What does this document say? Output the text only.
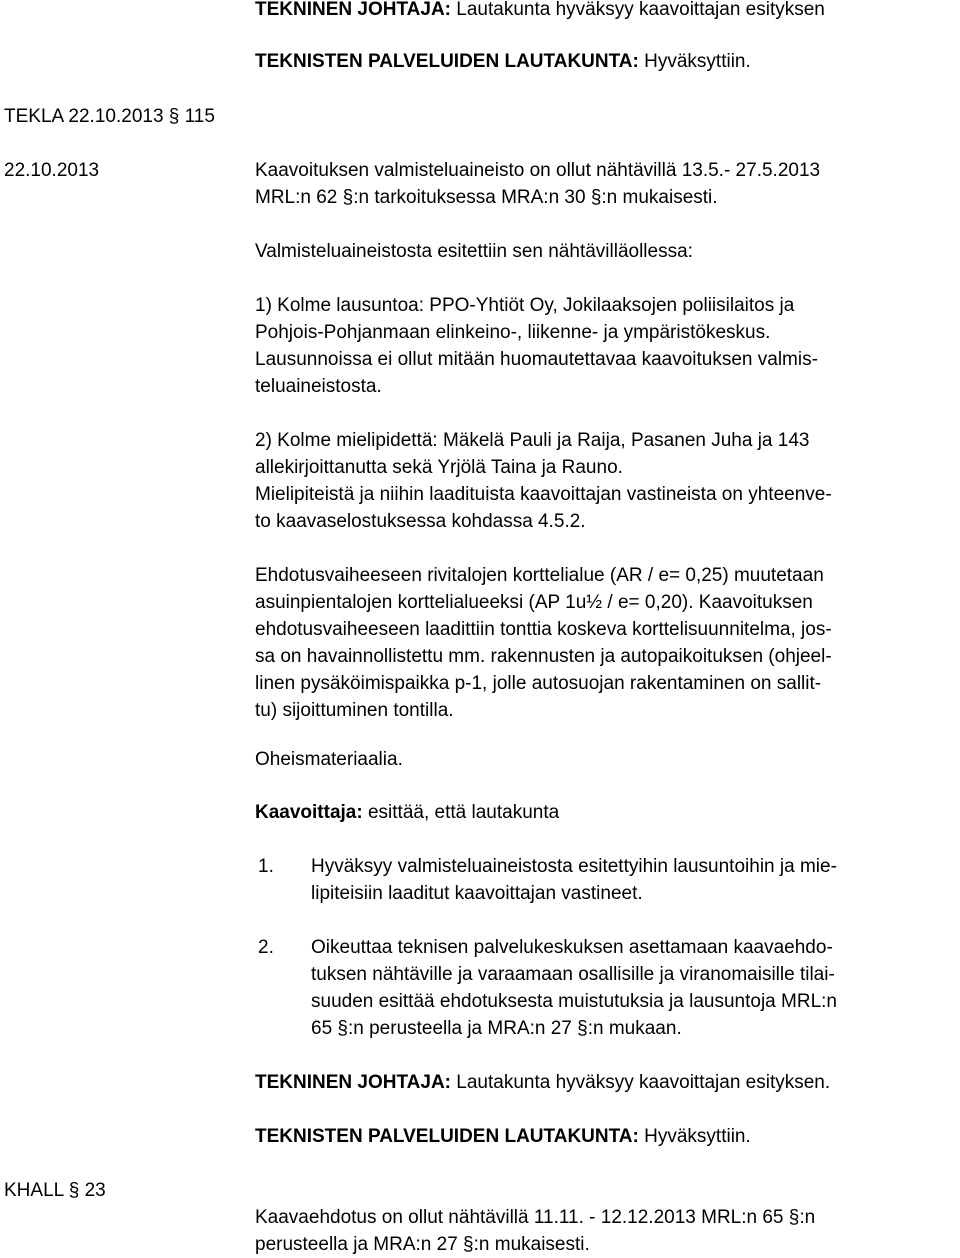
TEKNINEN JOHTAJA: Lautakunta hyväksyy kaavoittajan esityksen
TEKNISTEN PALVELUIDEN LAUTAKUNTA: Hyväksyttiin.
TEKLA 22.10.2013 § 115
22.10.2013	Kaavoituksen valmisteluaineisto on ollut nähtävillä 13.5.- 27.5.2013
MRL:n 62 §:n tarkoituksessa MRA:n 30 §:n mukaisesti.
Valmisteluaineistosta esitettiin sen nähtävilläollessa:
1) Kolme lausuntoa: PPO-Yhtiöt Oy, Jokilaaksojen poliisilaitos ja
Pohjois-Pohjanmaan elinkeino-, liikenne- ja ympäristökeskus.
Lausunnoissa ei ollut mitään huomautettavaa kaavoituksen valmis-
teluaineistosta.
2) Kolme mielipidettä: Mäkelä Pauli ja Raija, Pasanen Juha ja 143
allekirjoittanutta sekä Yrjölä Taina ja Rauno.
Mielipiteistä ja niihin laadituista kaavoittajan vastineista on yhteenve-
to kaavaselostuksessa kohdassa 4.5.2.
Ehdotusvaiheeseen rivitalojen korttelialue (AR / e= 0,25) muutetaan
asuinpientalojen korttelialueeksi (AP 1u½ / e= 0,20). Kaavoituksen
ehdotusvaiheeseen laadittiin tonttia koskeva korttelisuunnitelma, jos-
sa on havainnollistettu mm. rakennusten ja autopaikoituksen (ohjeel-
linen pysäköimispaikka p-1, jolle autosuojan rakentaminen on sallit-
tu) sijoittuminen tontilla.
Oheismateriaalia.
Kaavoittaja: esittää, että lautakunta
1. Hyväksyy valmisteluaineistosta esitettyihin lausuntoihin ja mie-
lipiteisiin laaditut kaavoittajan vastineet.
2. Oikeuttaa teknisen palvelukeskuksen asettamaan kaavaehdo-
tuksen nähtäville ja varaamaan osallisille ja viranomaisille tilai-
suuden esittää ehdotuksesta muistutuksia ja lausuntoja MRL:n
65 §:n perusteella ja MRA:n 27 §:n mukaan.
TEKNINEN JOHTAJA: Lautakunta hyväksyy kaavoittajan esityksen.
TEKNISTEN PALVELUIDEN LAUTAKUNTA: Hyväksyttiin.
KHALL § 23
Kaavaehdotus on ollut nähtävillä 11.11. - 12.12.2013 MRL:n 65 §:n
perusteella ja MRA:n 27 §:n mukaisesti.
